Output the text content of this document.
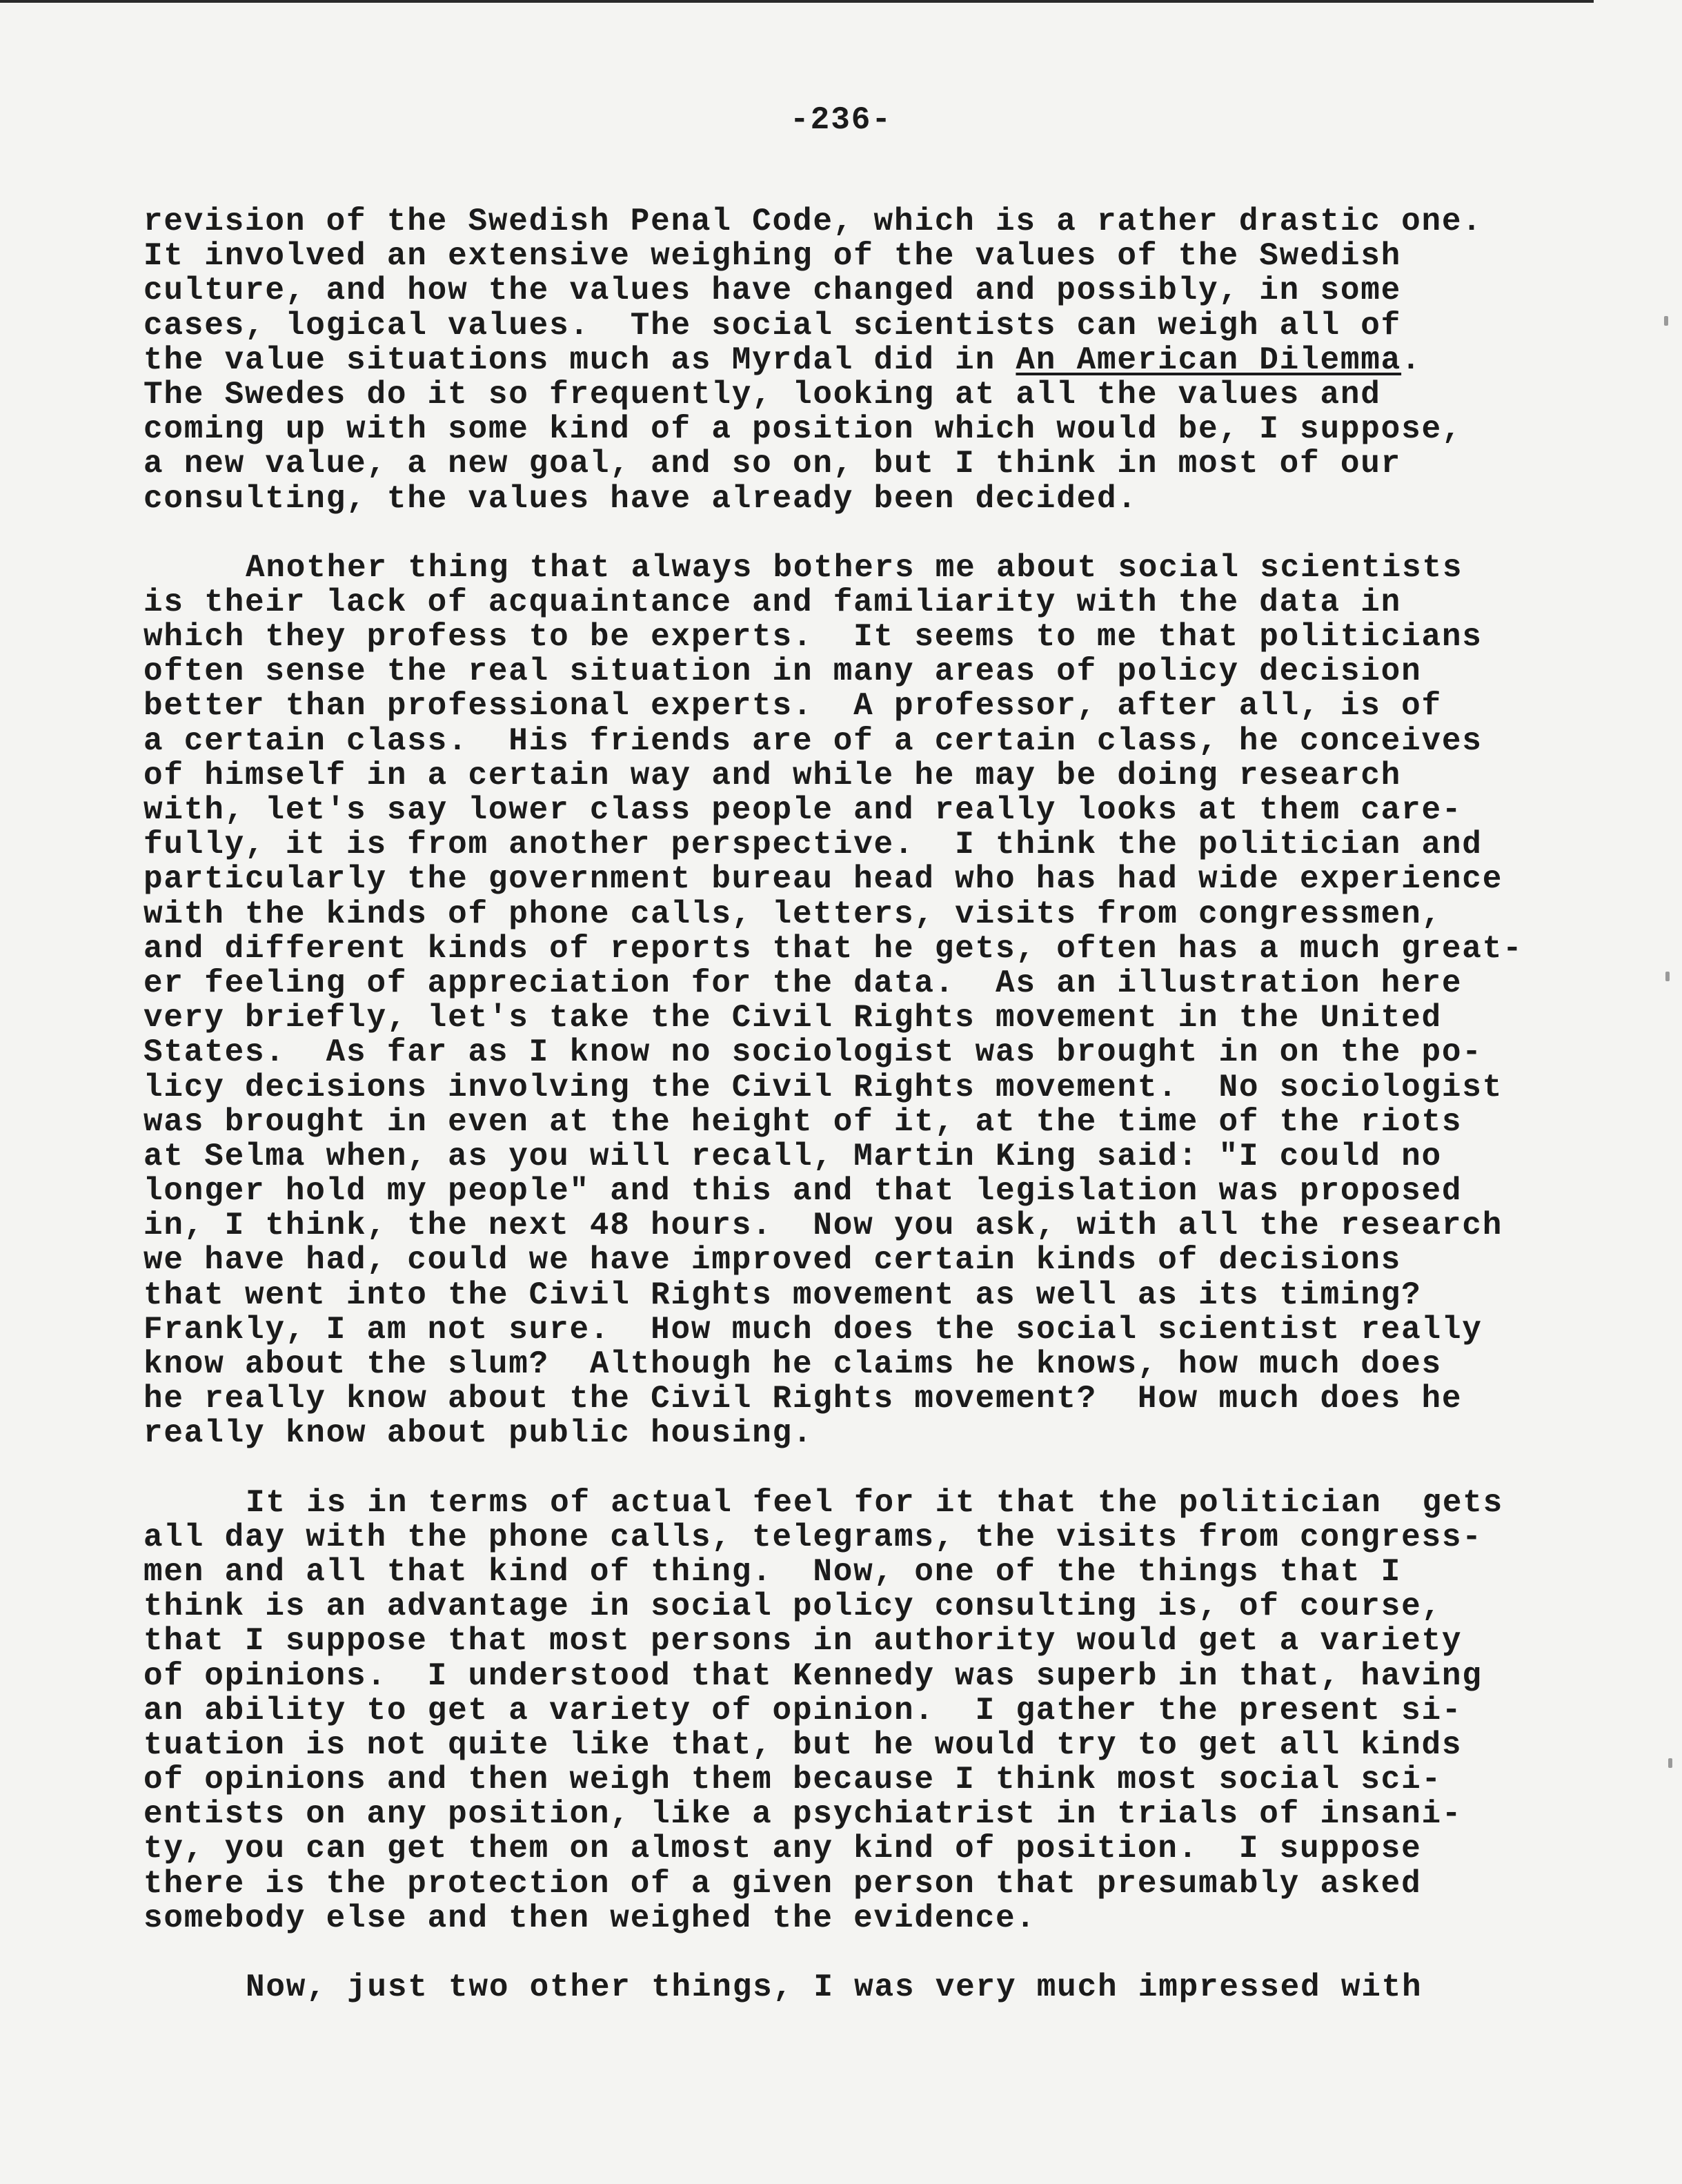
-236-
revision of the Swedish Penal Code, which is a rather drastic one.
It involved an extensive weighing of the values of the Swedish
culture, and how the values have changed and possibly, in some
cases, logical values.  The social scientists can weigh all of
the value situations much as Myrdal did in An American Dilemma.
The Swedes do it so frequently, looking at all the values and
coming up with some kind of a position which would be, I suppose,
a new value, a new goal, and so on, but I think in most of our
consulting, the values have already been decided.
Another thing that always bothers me about social scientists
is their lack of acquaintance and familiarity with the data in
which they profess to be experts.  It seems to me that politicians
often sense the real situation in many areas of policy decision
better than professional experts.  A professor, after all, is of
a certain class.  His friends are of a certain class, he conceives
of himself in a certain way and while he may be doing research
with, let's say lower class people and really looks at them care-
fully, it is from another perspective.  I think the politician and
particularly the government bureau head who has had wide experience
with the kinds of phone calls, letters, visits from congressmen,
and different kinds of reports that he gets, often has a much great-
er feeling of appreciation for the data.  As an illustration here
very briefly, let's take the Civil Rights movement in the United
States.  As far as I know no sociologist was brought in on the po-
licy decisions involving the Civil Rights movement.  No sociologist
was brought in even at the height of it, at the time of the riots
at Selma when, as you will recall, Martin King said: "I could no
longer hold my people" and this and that legislation was proposed
in, I think, the next 48 hours.  Now you ask, with all the research
we have had, could we have improved certain kinds of decisions
that went into the Civil Rights movement as well as its timing?
Frankly, I am not sure.  How much does the social scientist really
know about the slum?  Although he claims he knows, how much does
he really know about the Civil Rights movement?  How much does he
really know about public housing.
It is in terms of actual feel for it that the politician  gets
all day with the phone calls, telegrams, the visits from congress-
men and all that kind of thing.  Now, one of the things that I
think is an advantage in social policy consulting is, of course,
that I suppose that most persons in authority would get a variety
of opinions.  I understood that Kennedy was superb in that, having
an ability to get a variety of opinion.  I gather the present si-
tuation is not quite like that, but he would try to get all kinds
of opinions and then weigh them because I think most social sci-
entists on any position, like a psychiatrist in trials of insani-
ty, you can get them on almost any kind of position.  I suppose
there is the protection of a given person that presumably asked
somebody else and then weighed the evidence.
Now, just two other things, I was very much impressed with
